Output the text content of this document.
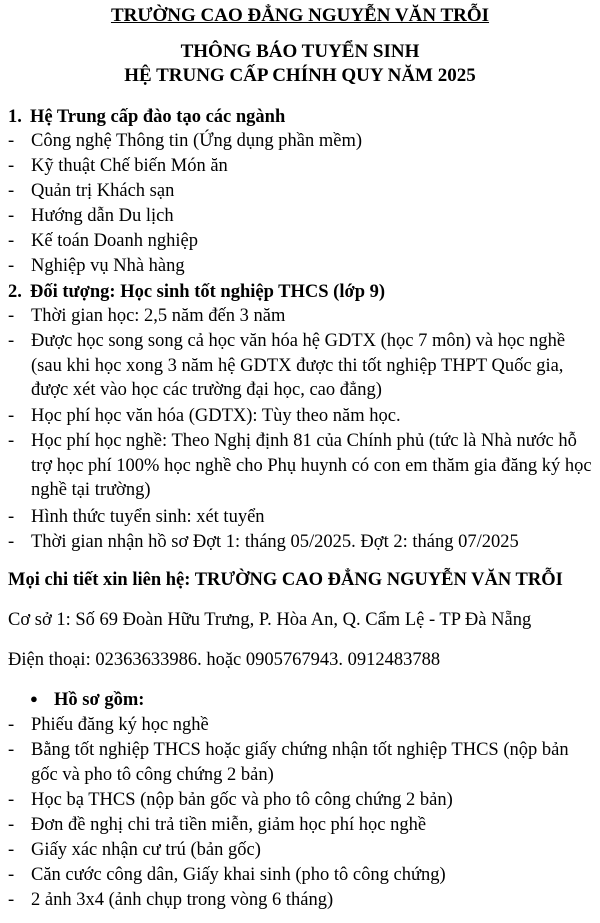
TRƯỜNG CAO ĐẲNG NGUYỄN VĂN TRỖI
THÔNG BÁO TUYỂN SINH
HỆ TRUNG CẤP CHÍNH QUY NĂM 2025
1. Hệ Trung cấp đào tạo các ngành
- Công nghệ Thông tin (Ứng dụng phần mềm)
- Kỹ thuật Chế biến Món ăn
- Quản trị Khách sạn
- Hướng dẫn Du lịch
- Kế toán Doanh nghiệp
- Nghiệp vụ Nhà hàng
2. Đối tượng: Học sinh tốt nghiệp THCS (lớp 9)
- Thời gian học: 2,5 năm đến 3 năm
- Được học song song cả học văn hóa hệ GDTX (học 7 môn) và học nghề (sau khi học xong 3 năm hệ GDTX được thi tốt nghiệp THPT Quốc gia, được xét vào học các trường đại học, cao đẳng)
- Học phí học văn hóa (GDTX): Tùy theo năm học.
- Học phí học nghề: Theo Nghị định 81 của Chính phủ (tức là Nhà nước hỗ trợ học phí 100% học nghề cho Phụ huynh có con em thăm gia đăng ký học nghề tại trường)
- Hình thức tuyển sinh: xét tuyển
- Thời gian nhận hồ sơ Đợt 1: tháng 05/2025. Đợt 2: tháng 07/2025
Mọi chi tiết xin liên hệ: TRƯỜNG CAO ĐẲNG NGUYỄN VĂN TRỖI
Cơ sở 1: Số 69 Đoàn Hữu Trưng, P. Hòa An, Q. Cẩm Lệ - TP Đà Nẵng
Điện thoại: 02363633986. hoặc 0905767943. 0912483788
● Hồ sơ gồm:
- Phiếu đăng ký học nghề
- Bằng tốt nghiệp THCS hoặc giấy chứng nhận tốt nghiệp THCS (nộp bản gốc và pho tô công chứng 2 bản)
- Học bạ THCS (nộp bản gốc và pho tô công chứng 2 bản)
- Đơn đề nghị chi trả tiền miễn, giảm học phí học nghề
- Giấy xác nhận cư trú (bản gốc)
- Căn cước công dân, Giấy khai sinh (pho tô công chứng)
- 2 ảnh 3x4 (ảnh chụp trong vòng 6 tháng)
